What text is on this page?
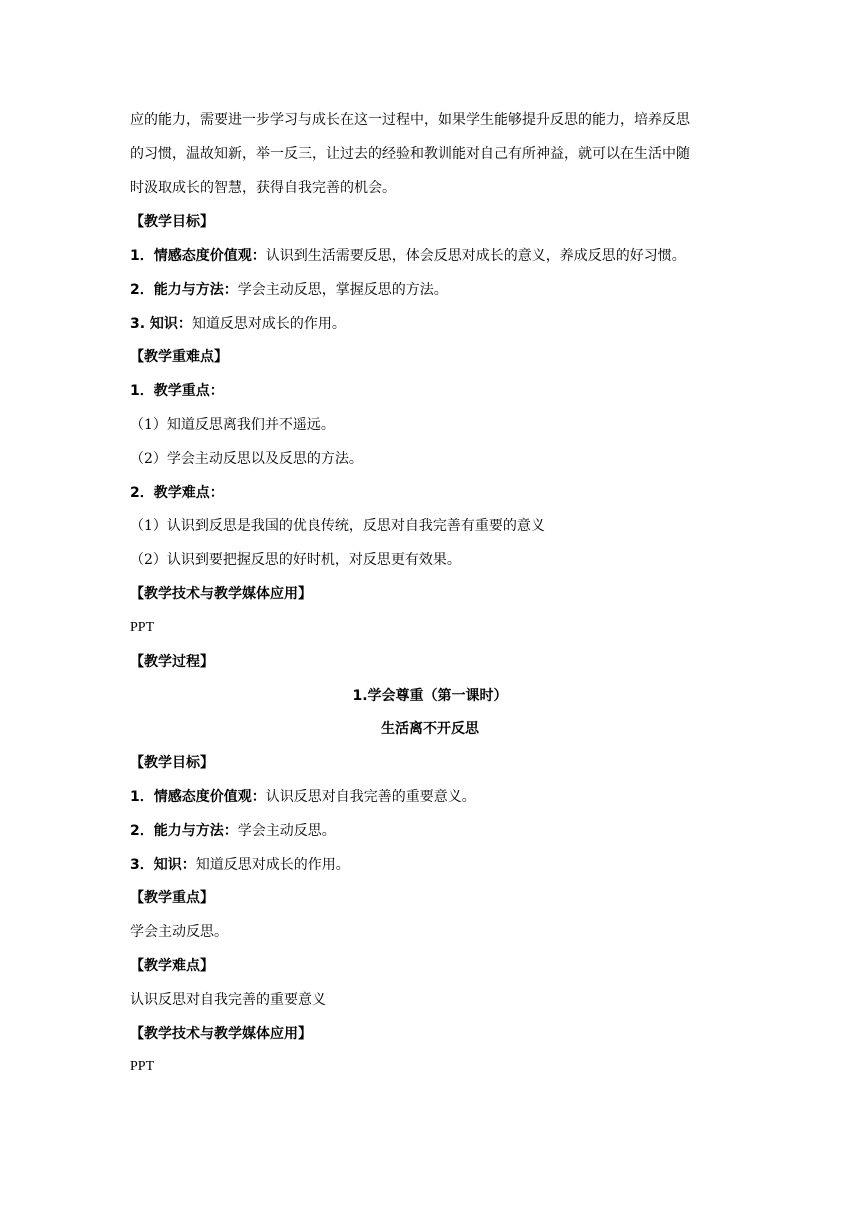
应的能力，需要进一步学习与成长在这一过程中，如果学生能够提升反思的能力，培养反思
的习惯，温故知新，举一反三，让过去的经验和教训能对自己有所神益，就可以在生活中随
时汲取成长的智慧，获得自我完善的机会。
【教学目标】
1．情感态度价值观：认识到生活需要反思，体会反思对成长的意义，养成反思的好习惯。
2．能力与方法：学会主动反思，掌握反思的方法。
3. 知识：知道反思对成长的作用。
【教学重难点】
1．教学重点：
（1）知道反思离我们并不遥远。
（2）学会主动反思以及反思的方法。
2．教学难点：
（1）认识到反思是我国的优良传统，反思对自我完善有重要的意义
（2）认识到要把握反思的好时机，对反思更有效果。
【教学技术与教学媒体应用】
PPT
【教学过程】
1.学会尊重（第一课时）
生活离不开反思
【教学目标】
1．情感态度价值观：认识反思对自我完善的重要意义。
2．能力与方法：学会主动反思。
3．知识：知道反思对成长的作用。
【教学重点】
学会主动反思。
【教学难点】
认识反思对自我完善的重要意义
【教学技术与教学媒体应用】
PPT
